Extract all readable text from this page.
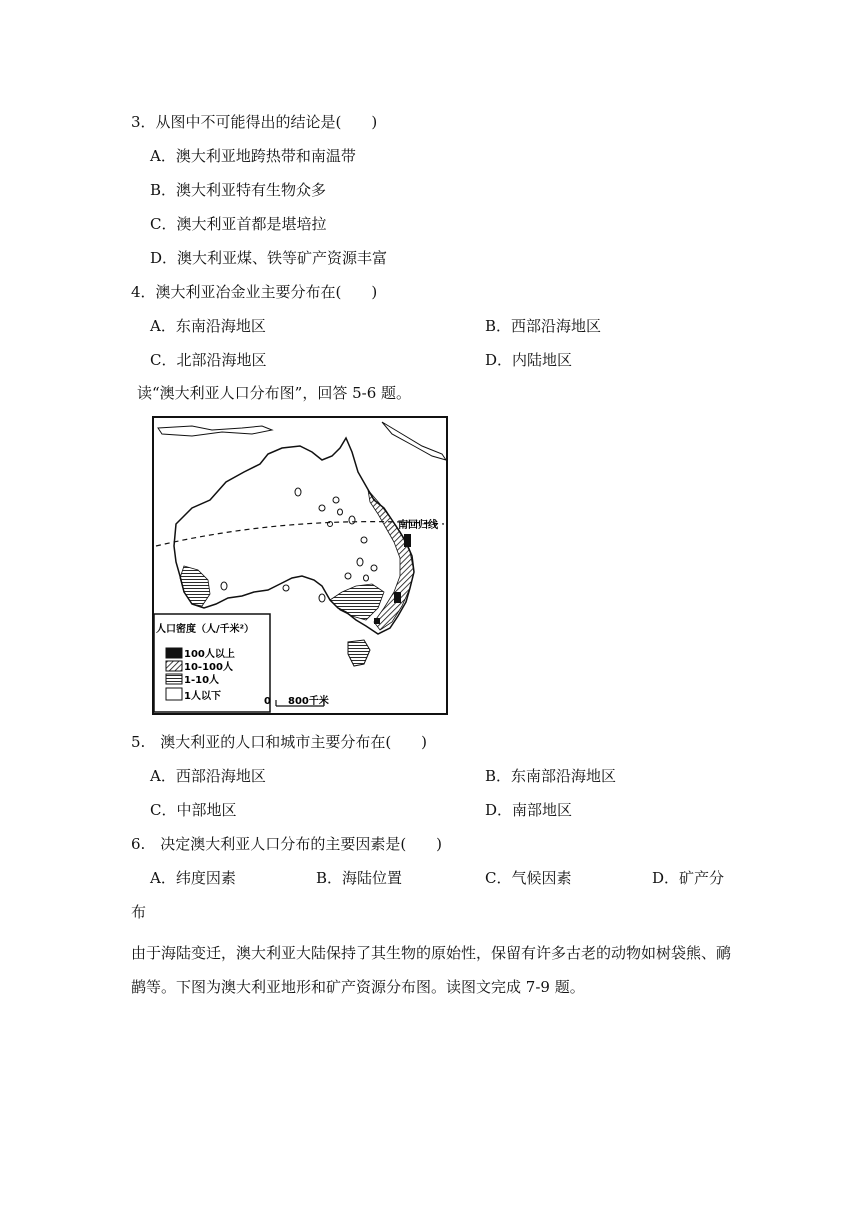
3．从图中不可能得出的结论是(　　)
A．澳大利亚地跨热带和南温带
B．澳大利亚特有生物众多
C．澳大利亚首都是堪培拉
D．澳大利亚煤、铁等矿产资源丰富
4．澳大利亚冶金业主要分布在(　　)
A．东南沿海地区	B．西部沿海地区
C．北部沿海地区	D．内陆地区
读“澳大利亚人口分布图”，回答 5-6 题。
南回归线
人口密度（人/千米²）
100人以上
10-100人
1-10人
1人以下	0 800千米
5.　澳大利亚的人口和城市主要分布在(　　)
A．西部沿海地区	B．东南部沿海地区
C．中部地区	D．南部地区
6.　决定澳大利亚人口分布的主要因素是(　　)
A．纬度因素	B．海陆位置	C．气候因素	D．矿产分
布
由于海陆变迁，澳大利亚大陆保持了其生物的原始性，保留有许多古老的动物如树袋熊、鸸鹋等。下图为澳大利亚地形和矿产资源分布图。读图文完成 7-9 题。
